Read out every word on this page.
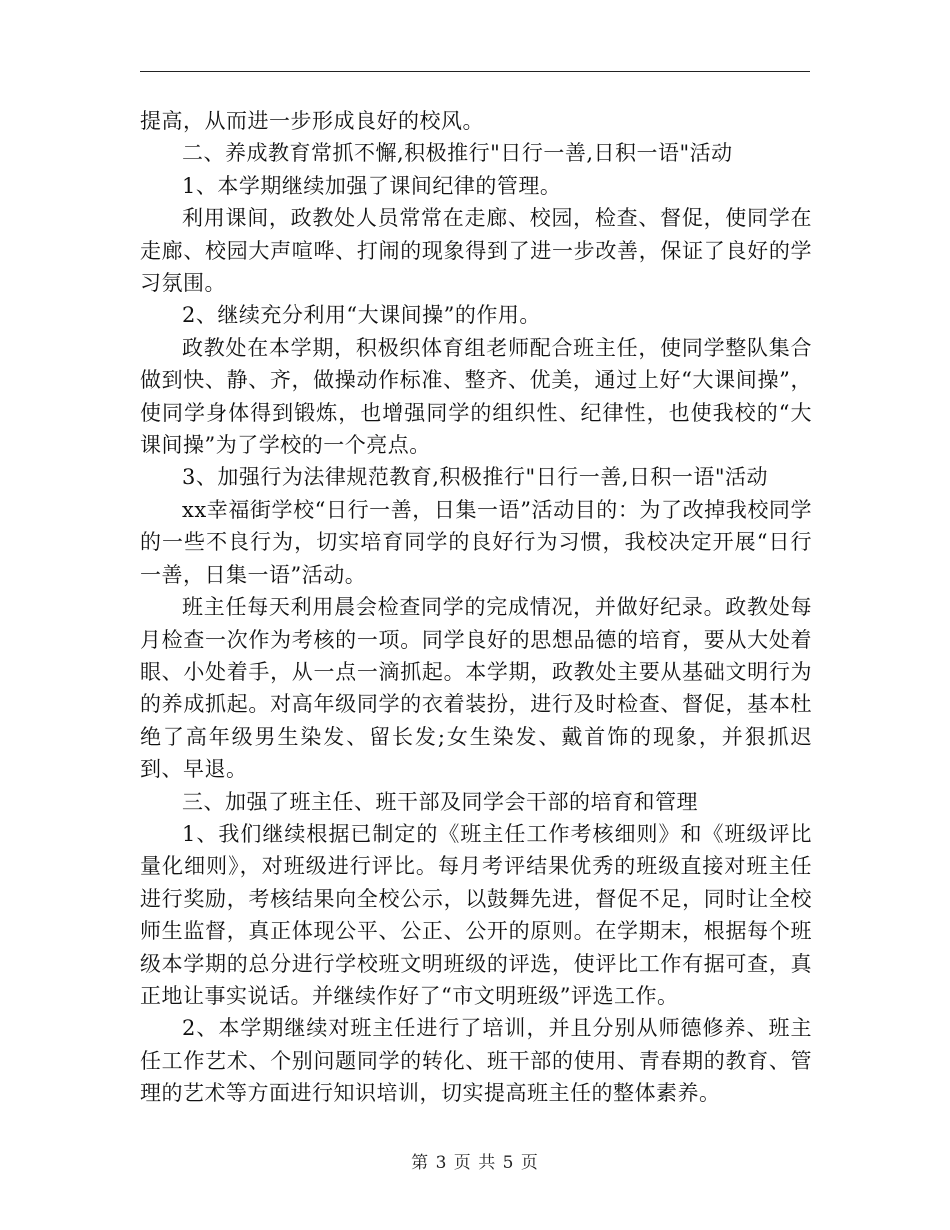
提高，从而进一步形成良好的校风。

二、养成教育常抓不懈,积极推行"日行一善,日积一语"活动

1、本学期继续加强了课间纪律的管理。

利用课间，政教处人员常常在走廊、校园，检查、督促，使同学在走廊、校园大声喧哗、打闹的现象得到了进一步改善，保证了良好的学习氛围。

2、继续充分利用“大课间操”的作用。

政教处在本学期，积极织体育组老师配合班主任，使同学整队集合做到快、静、齐，做操动作标准、整齐、优美，通过上好“大课间操”，使同学身体得到锻炼，也增强同学的组织性、纪律性，也使我校的“大课间操”为了学校的一个亮点。

3、加强行为法律规范教育,积极推行"日行一善,日积一语"活动

xx幸福街学校“日行一善，日集一语”活动目的：为了改掉我校同学的一些不良行为，切实培育同学的良好行为习惯，我校决定开展“日行一善，日集一语”活动。

班主任每天利用晨会检查同学的完成情况，并做好纪录。政教处每月检查一次作为考核的一项。同学良好的思想品德的培育，要从大处着眼、小处着手，从一点一滴抓起。本学期，政教处主要从基础文明行为的养成抓起。对高年级同学的衣着装扮，进行及时检查、督促，基本杜绝了高年级男生染发、留长发;女生染发、戴首饰的现象，并狠抓迟到、早退。

三、加强了班主任、班干部及同学会干部的培育和管理

1、我们继续根据已制定的《班主任工作考核细则》和《班级评比量化细则》，对班级进行评比。每月考评结果优秀的班级直接对班主任进行奖励，考核结果向全校公示，以鼓舞先进，督促不足，同时让全校师生监督，真正体现公平、公正、公开的原则。在学期末，根据每个班级本学期的总分进行学校班文明班级的评选，使评比工作有据可查，真正地让事实说话。并继续作好了“市文明班级”评选工作。

2、本学期继续对班主任进行了培训，并且分别从师德修养、班主任工作艺术、个别问题同学的转化、班干部的使用、青春期的教育、管理的艺术等方面进行知识培训，切实提高班主任的整体素养。

第 3 页 共 5 页
